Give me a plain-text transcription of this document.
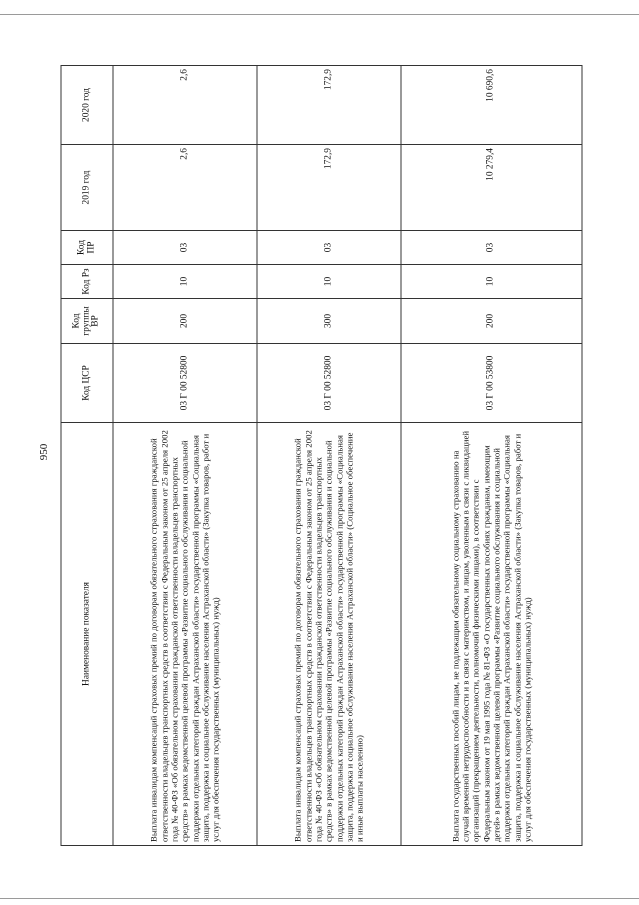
950
Наименование показателя	Код ЦСР	Код группы ВР	Код Рз	Код ПР	2019 год	2020 год
Выплата инвалидам компенсаций страховых премий по договорам обязательного страхования гражданской ответственности владельцев транспортных средств в соответствии с Федеральным законом от 25 апреля 2002 года № 40-ФЗ «Об обязательном страховании гражданской ответственности владельцев транспортных средств» в рамках ведомственной целевой программы «Развитие социального обслуживания и социальной поддержки отдельных категорий граждан Астраханской области» государственной программы «Социальная защита, поддержка и социальное обслуживание населения Астраханской области» (Закупка товаров, работ и услуг для обеспечения государственных (муниципальных) нужд)	03 Г 00 52800	200	10	03	2,6	2,6
Выплата инвалидам компенсаций страховых премий по договорам обязательного страхования гражданской ответственности владельцев транспортных средств в соответствии с Федеральным законом от 25 апреля 2002 года № 40-ФЗ «Об обязательном страховании гражданской ответственности владельцев транспортных средств» в рамках ведомственной целевой программы «Развитие социального обслуживания и социальной поддержки отдельных категорий граждан Астраханской области» государственной программы «Социальная защита, поддержка и социальное обслуживание населения Астраханской области» (Социальное обеспечение и иные выплаты населению)	03 Г 00 52800	300	10	03	172,9	172,9
Выплата государственных пособий лицам, не подлежащим обязательному социальному страхованию на случай временной нетрудоспособности и в связи с материнством, и лицам, уволенным в связи с ликвидацией организаций (прекращением деятельности, полномочий физическими лицами), в соответствии с Федеральным законом от 19 мая 1995 года № 81-ФЗ «О государственных пособиях гражданам, имеющим детей» в рамках ведомственной целевой программы «Развитие социального обслуживания и социальной поддержки отдельных категорий граждан Астраханской области» государственной программы «Социальная защита, поддержка и социальное обслуживание населения Астраханской области» (Закупка товаров, работ и услуг для обеспечения государственных (муниципальных) нужд)	03 Г 00 53800	200	10	03	10 279,4	10 690,6
